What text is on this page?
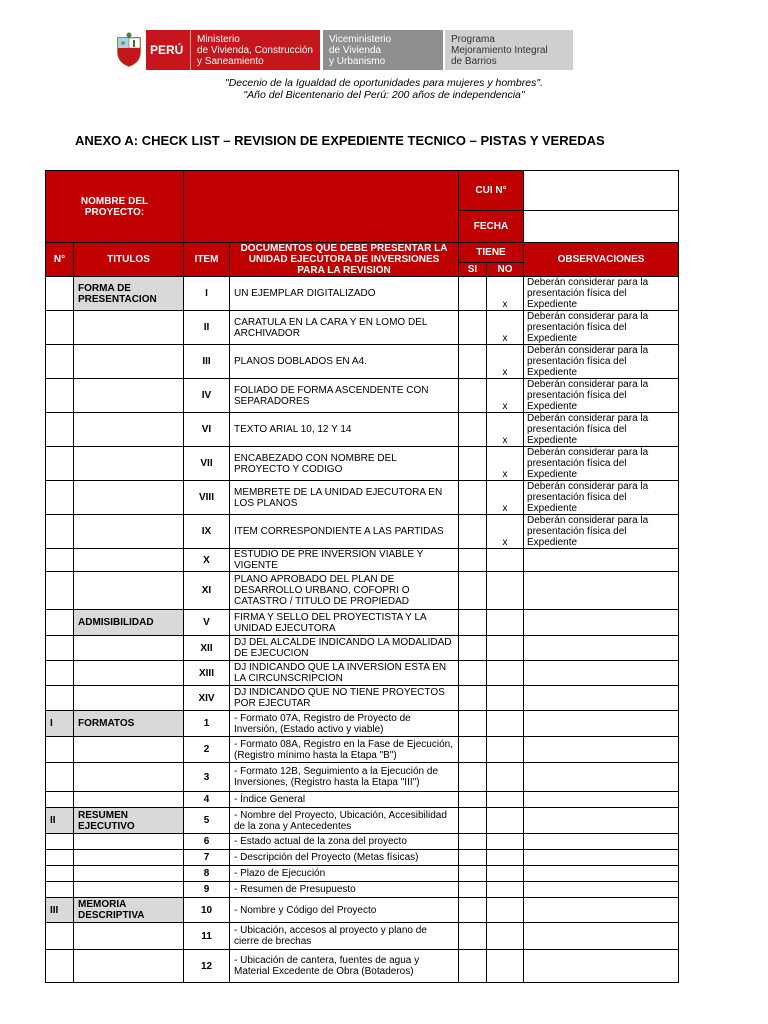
PERÚ
Ministerio
de Vivienda, Construcción
y Saneamiento
Viceministerio
de Vivienda
y Urbanismo
Programa
Mejoramiento Integral
de Barrios
"Decenio de la Igualdad de oportunidades para mujeres y hombres".
"Año del Bicentenario del Perú: 200 años de independencia"
ANEXO A: CHECK LIST – REVISION DE EXPEDIENTE TECNICO – PISTAS Y VEREDAS
NOMBRE DEL PROYECTO:				CUI N°		
				FECHA		
N°	TITULOS	ITEM	DOCUMENTOS QUE DEBE PRESENTAR LA UNIDAD EJECUTORA DE INVERSIONES PARA LA REVISION	TIENE		OBSERVACIONES
				SI	NO	
	FORMA DE PRESENTACION	I	UN EJEMPLAR DIGITALIZADO		x	Deberán considerar para la presentación física del Expediente
		II	CARATULA EN LA CARA Y EN LOMO DEL ARCHIVADOR		x	Deberán considerar para la presentación física del Expediente
		III	PLANOS DOBLADOS EN A4.		x	Deberán considerar para la presentación física del Expediente
		IV	FOLIADO DE FORMA ASCENDENTE CON SEPARADORES		x	Deberán considerar para la presentación física del Expediente
		VI	TEXTO ARIAL 10, 12 Y 14		x	Deberán considerar para la presentación física del Expediente
		VII	ENCABEZADO CON NOMBRE DEL PROYECTO Y CODIGO		x	Deberán considerar para la presentación física del Expediente
		VIII	MEMBRETE DE LA UNIDAD EJECUTORA EN LOS PLANOS		x	Deberán considerar para la presentación física del Expediente
		IX	ITEM CORRESPONDIENTE A LAS PARTIDAS		x	Deberán considerar para la presentación física del Expediente
		X	ESTUDIO DE PRE INVERSION VIABLE Y VIGENTE			
		XI	PLANO APROBADO DEL PLAN DE DESARROLLO URBANO, COFOPRI O CATASTRO / TITULO DE PROPIEDAD			
	ADMISIBILIDAD	V	FIRMA Y SELLO DEL PROYECTISTA Y LA UNIDAD EJECUTORA			
		XII	DJ DEL ALCALDE INDICANDO LA MODALIDAD DE EJECUCION			
		XIII	DJ INDICANDO QUE LA INVERSION ESTA EN LA CIRCUNSCRIPCION			
		XIV	DJ INDICANDO QUE NO TIENE PROYECTOS POR EJECUTAR			
I	FORMATOS	1	- Formato 07A, Registro de Proyecto de Inversión, (Estado activo y viable)			
		2	- Formato 08A, Registro en la Fase de Ejecución, (Registro mínimo hasta la Etapa "B")			
		3	- Formato 12B, Seguimiento a la Ejecución de Inversiones, (Registro hasta la Etapa "III")			
		4	- Índice General			
II	RESUMEN EJECUTIVO	5	- Nombre del Proyecto, Ubicación, Accesibilidad de la zona y Antecedentes			
		6	- Estado actual de la zona del proyecto			
		7	- Descripción del Proyecto (Metas físicas)			
		8	- Plazo de Ejecución			
		9	- Resumen de Presupuesto			
III	MEMORIA DESCRIPTIVA	10	- Nombre y Código del Proyecto			
		11	- Ubicación, accesos al proyecto y plano de cierre de brechas			
		12	- Ubicación de cantera, fuentes de agua y Material Excedente de Obra (Botaderos)			
